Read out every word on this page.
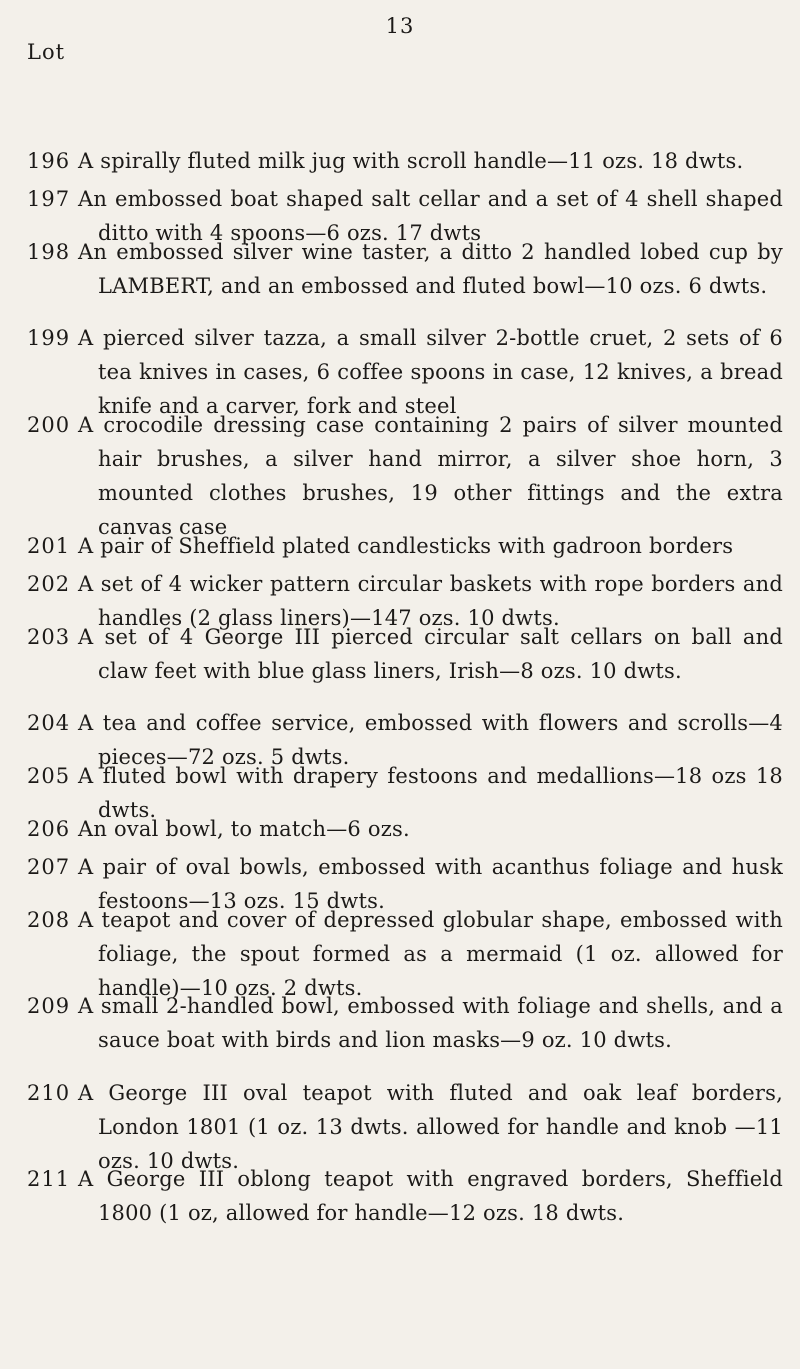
13
Lot
196 A spirally fluted milk jug with scroll handle—11 ozs. 18 dwts.
197 An embossed boat shaped salt cellar and a set of 4 shell shaped ditto with 4 spoons—6 ozs. 17 dwts
198 An embossed silver wine taster, a ditto 2 handled lobed cup by LAMBERT, and an embossed and fluted bowl—10 ozs. 6 dwts.
199 A pierced silver tazza, a small silver 2-bottle cruet, 2 sets of 6 tea knives in cases, 6 coffee spoons in case, 12 knives, a bread knife and a carver, fork and steel
200 A crocodile dressing case containing 2 pairs of silver mounted hair brushes, a silver hand mirror, a silver shoe horn, 3 mounted clothes brushes, 19 other fittings and the extra canvas case
201 A pair of Sheffield plated candlesticks with gadroon borders
202 A set of 4 wicker pattern circular baskets with rope borders and handles (2 glass liners)—147 ozs. 10 dwts.
203 A set of 4 George III pierced circular salt cellars on ball and claw feet with blue glass liners, Irish—8 ozs. 10 dwts.
204 A tea and coffee service, embossed with flowers and scrolls—4 pieces—72 ozs. 5 dwts.
205 A fluted bowl with drapery festoons and medallions—18 ozs 18 dwts.
206 An oval bowl, to match—6 ozs.
207 A pair of oval bowls, embossed with acanthus foliage and husk festoons—13 ozs. 15 dwts.
208 A teapot and cover of depressed globular shape, embossed with foliage, the spout formed as a mermaid (1 oz. allowed for handle)—10 ozs. 2 dwts.
209 A small 2-handled bowl, embossed with foliage and shells, and a sauce boat with birds and lion masks—9 oz. 10 dwts.
210 A George III oval teapot with fluted and oak leaf borders, London 1801 (1 oz. 13 dwts. allowed for handle and knob —11 ozs. 10 dwts.
211 A George III oblong teapot with engraved borders, Sheffield 1800 (1 oz, allowed for handle—12 ozs. 18 dwts.
